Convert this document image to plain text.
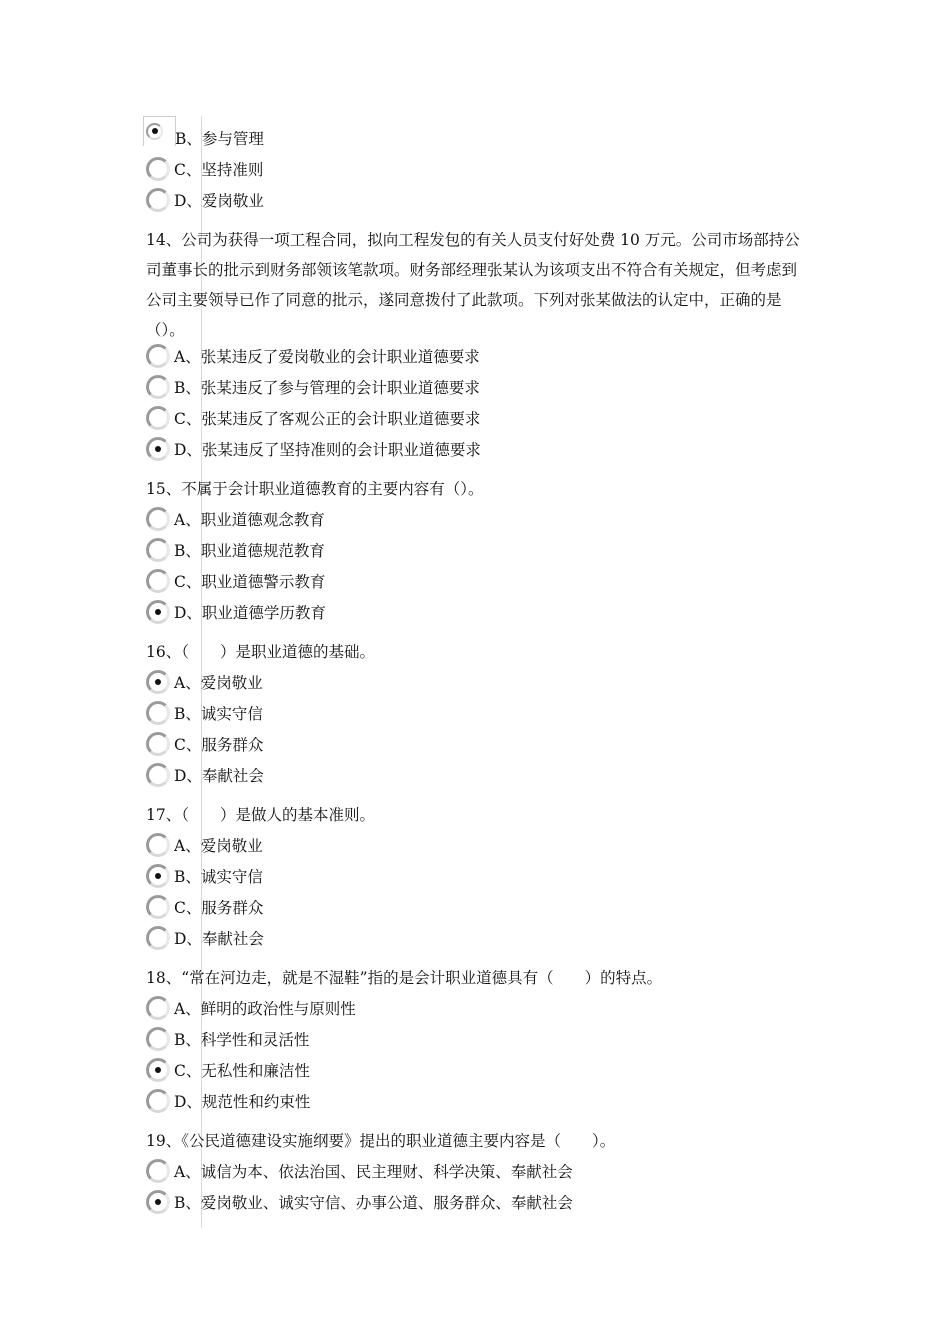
B、参与管理
C、坚持准则
D、爱岗敬业
14、公司为获得一项工程合同，拟向工程发包的有关人员支付好处费 10 万元。公司市场部持公司董事长的批示到财务部领该笔款项。财务部经理张某认为该项支出不符合有关规定，但考虑到公司主要领导已作了同意的批示，遂同意拨付了此款项。下列对张某做法的认定中，正确的是（）。
A、张某违反了爱岗敬业的会计职业道德要求
B、张某违反了参与管理的会计职业道德要求
C、张某违反了客观公正的会计职业道德要求
D、张某违反了坚持准则的会计职业道德要求
15、不属于会计职业道德教育的主要内容有（）。
A、职业道德观念教育
B、职业道德规范教育
C、职业道德警示教育
D、职业道德学历教育
16、（　　）是职业道德的基础。
A、爱岗敬业
B、诚实守信
C、服务群众
D、奉献社会
17、（　　）是做人的基本准则。
A、爱岗敬业
B、诚实守信
C、服务群众
D、奉献社会
18、“常在河边走，就是不湿鞋”指的是会计职业道德具有（　　）的特点。
A、鲜明的政治性与原则性
B、科学性和灵活性
C、无私性和廉洁性
D、规范性和约束性
19、《公民道德建设实施纲要》提出的职业道德主要内容是（　　）。
A、诚信为本、依法治国、民主理财、科学决策、奉献社会
B、爱岗敬业、诚实守信、办事公道、服务群众、奉献社会
